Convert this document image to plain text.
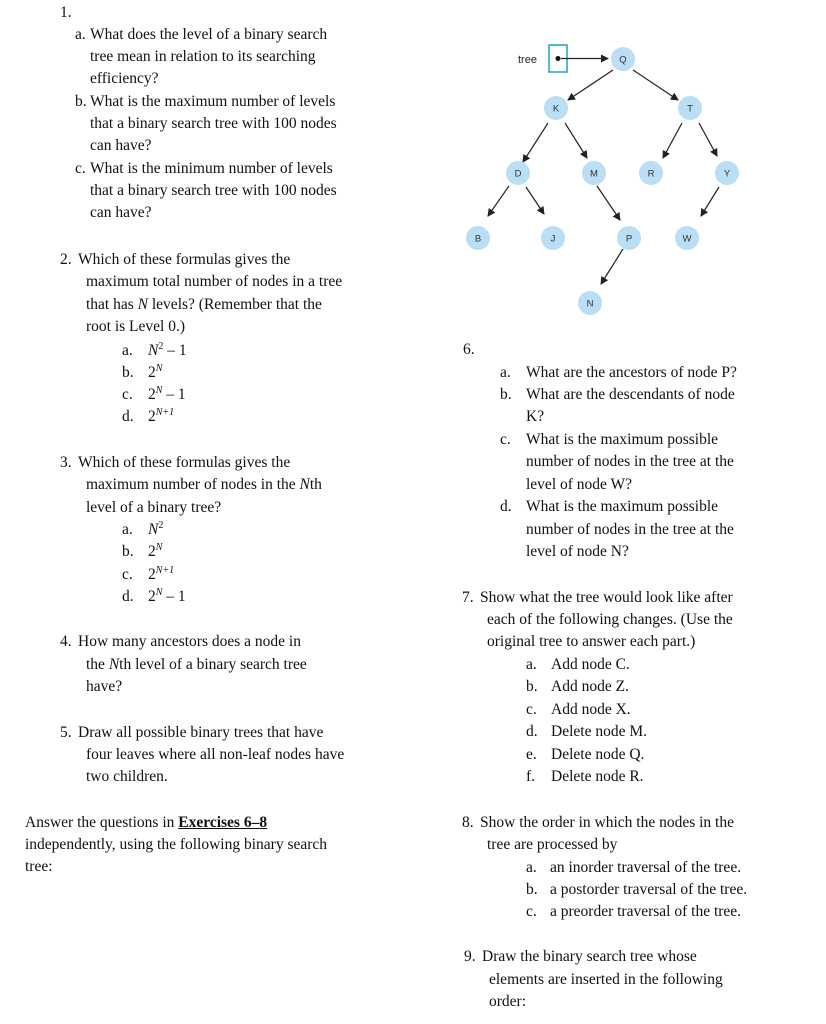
1.
a. What does the level of a binary search
tree mean in relation to its searching
efficiency?
b. What is the maximum number of levels
that a binary search tree with 100 nodes
can have?
c. What is the minimum number of levels
that a binary search tree with 100 nodes
can have?
2. Which of these formulas gives the
maximum total number of nodes in a tree
that has N levels? (Remember that the
root is Level 0.)
a. $N^2 - 1$
b. $2^N$
c. $2^N - 1$
d. $2^{N+1}$
3. Which of these formulas gives the
maximum number of nodes in the Nth
level of a binary tree?
a. $N^2$
b. $2^N$
c. $2^{N+1}$
d. $2^N - 1$
4. How many ancestors does a node in
the Nth level of a binary search tree
have?
5. Draw all possible binary trees that have
four leaves where all non-leaf nodes have
two children.
Answer the questions in Exercises 6–8
independently, using the following binary search
tree:
tree	Q
K	T
D	M	R	Y
B	J	P	W
N
6.
a. What are the ancestors of node P?
b. What are the descendants of node
K?
c. What is the maximum possible
number of nodes in the tree at the
level of node W?
d. What is the maximum possible
number of nodes in the tree at the
level of node N?
7. Show what the tree would look like after
each of the following changes. (Use the
original tree to answer each part.)
a. Add node C.
b. Add node Z.
c. Add node X.
d. Delete node M.
e. Delete node Q.
f. Delete node R.
8. Show the order in which the nodes in the
tree are processed by
a. an inorder traversal of the tree.
b. a postorder traversal of the tree.
c. a preorder traversal of the tree.
9. Draw the binary search tree whose
elements are inserted in the following
order:
